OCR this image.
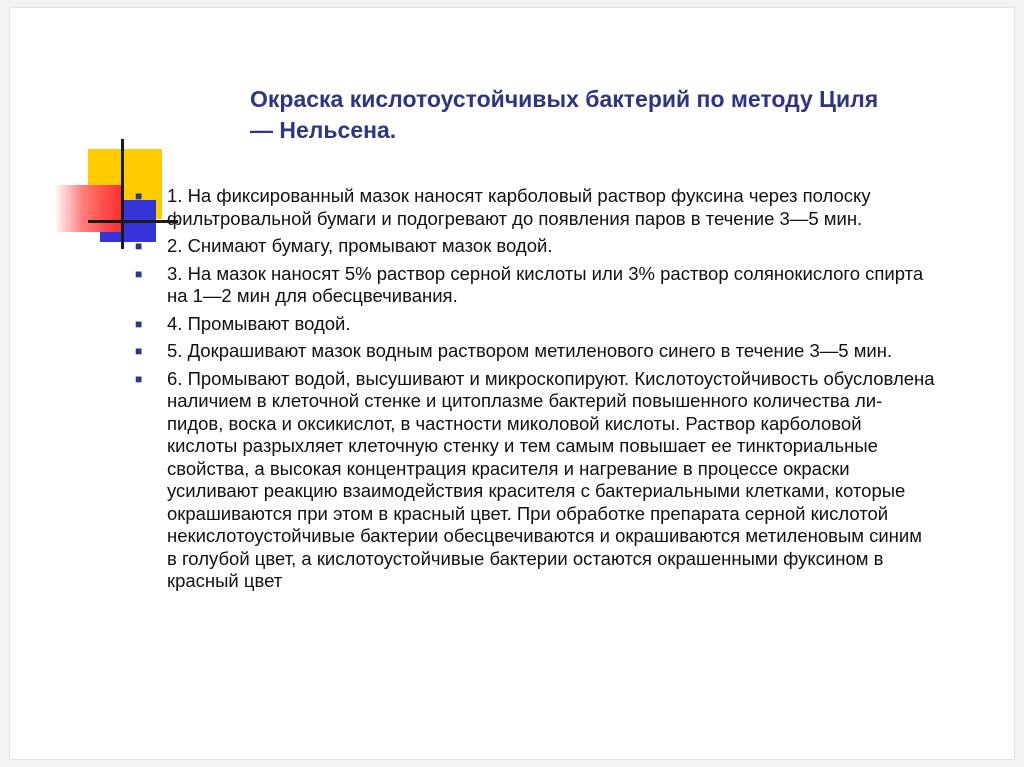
Окраска кислотоустойчивых бактерий по методу Циля— Нельсена.
■ 1. На фиксированный мазок наносят карболовый раствор фуксина через полоску фильтровальной бумаги и подогревают до появления паров в течение 3—5 мин.
■ 2. Снимают бумагу, промывают мазок водой.
■ 3. На мазок наносят 5% раствор серной кислоты или 3% раствор солянокислого спирта на 1—2 мин для обесцвечивания.
■ 4. Промывают водой.
■ 5. Докрашивают мазок водным раствором метиленового синего в течение 3—5 мин.
■ 6. Промывают водой, высушивают и микроскопируют. Кислотоустойчивость обусловлена наличием в клеточной стенке и цитоплазме бактерий повышенного количества ли-пидов, воска и оксикислот, в частности миколовой кислоты. Раствор карболовой кислоты разрыхляет клеточную стенку и тем самым повышает ее тинкториальные свойства, а высокая концентрация красителя и нагревание в процессе окраски усиливают реакцию взаимодействия красителя с бактериальными клетками, которые окрашиваются при этом в красный цвет. При обработке препарата серной кислотой некислотоустойчивые бактерии обесцвечиваются и окрашиваются метиленовым синим в голубой цвет, а кислотоустойчивые бактерии остаются окрашенными фуксином в красный цвет
